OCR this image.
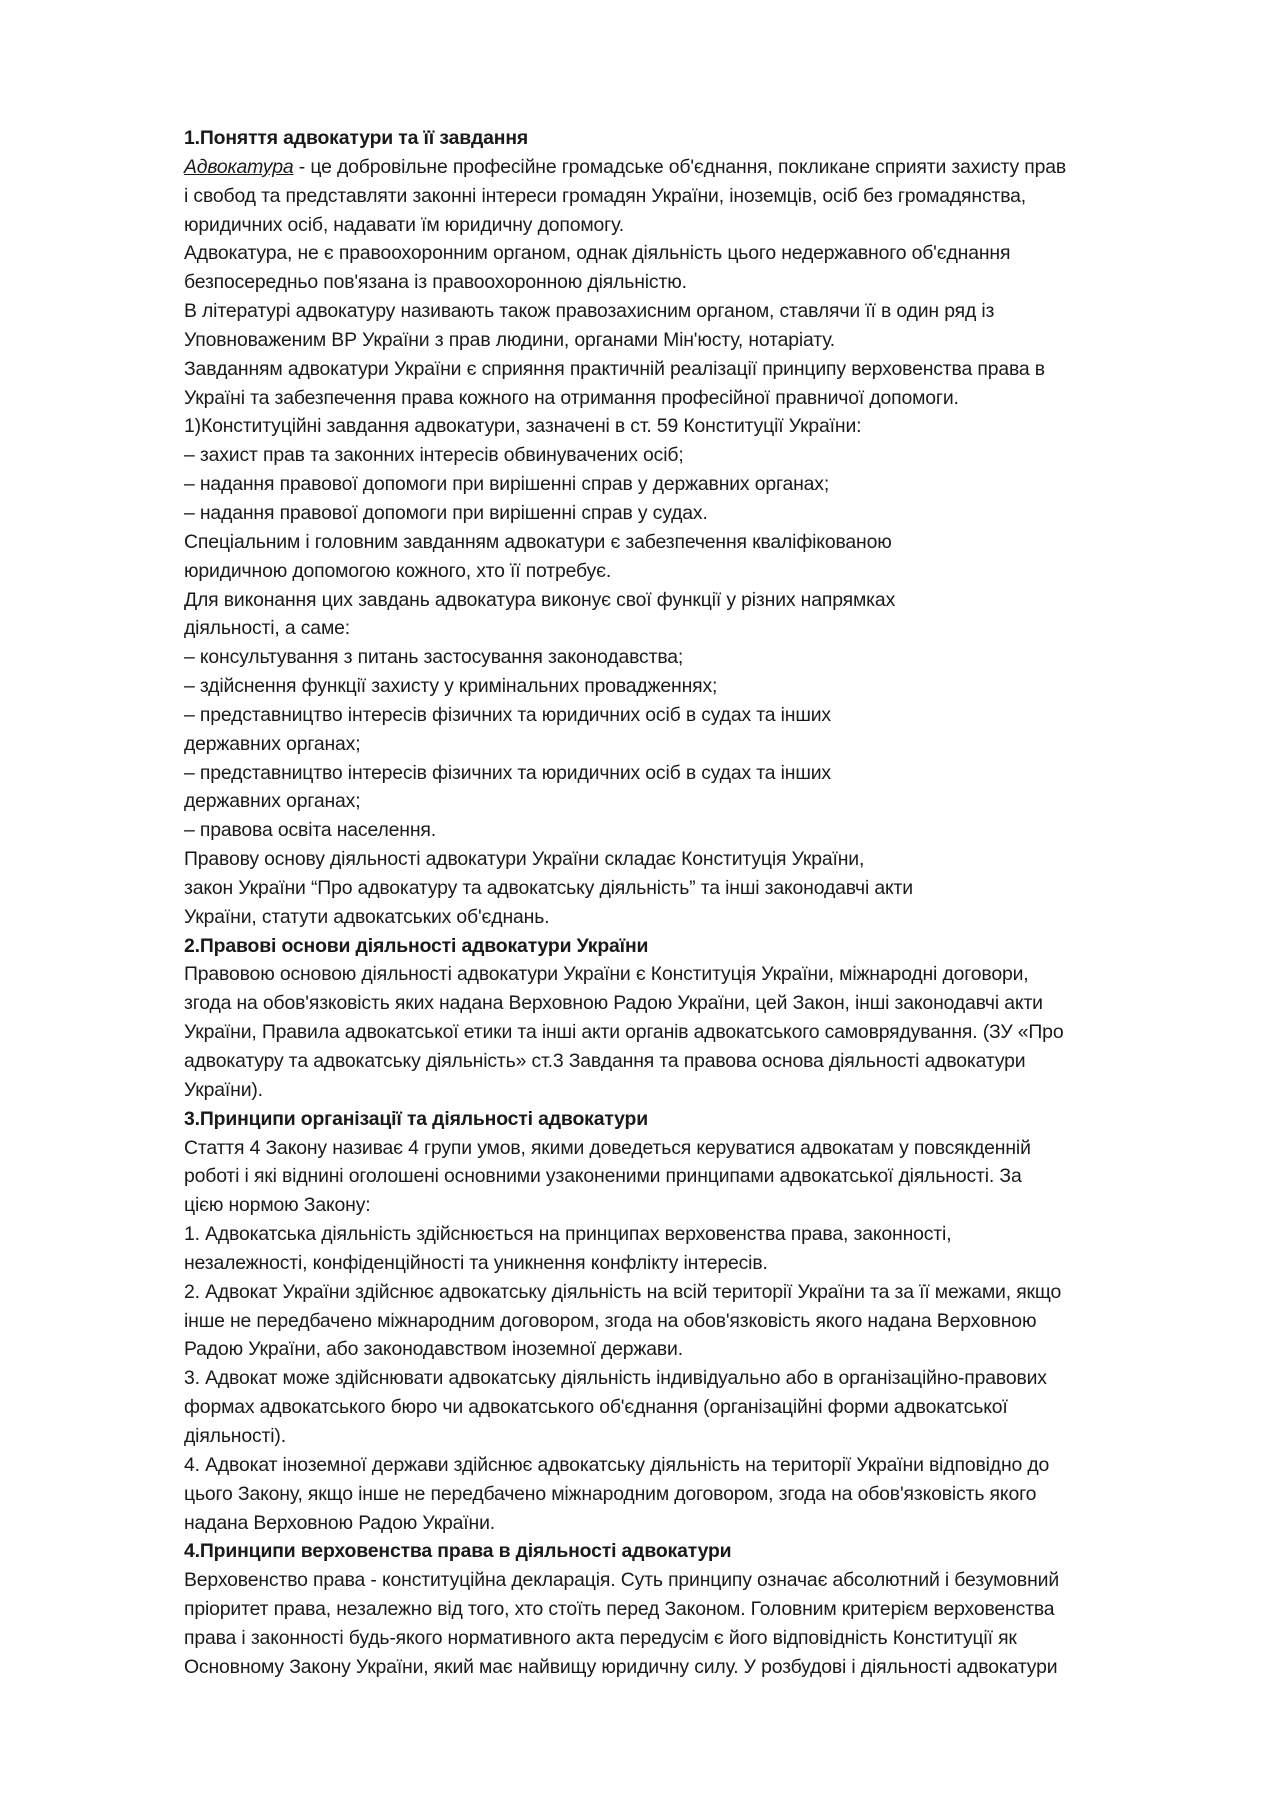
1.Поняття адвокатури та її завдання
Адвокатура - це добровільне професійне громадське об'єднання, покликане сприяти захисту прав
і свобод та представляти законні інтереси громадян України, іноземців, осіб без громадянства,
юридичних осіб, надавати їм юридичну допомогу.
Адвокатура, не є правоохоронним органом, однак діяльність цього недержавного об'єднання
безпосередньо пов'язана із правоохоронною діяльністю.
В літературі адвокатуру називають також правозахисним органом, ставлячи її в один ряд із
Уповноваженим ВР України з прав людини, органами Мін'юсту, нотаріату.
Завданням адвокатури України є сприяння практичній реалізації принципу верховенства права в
Україні та забезпечення права кожного на отримання професійної правничої допомоги.
1)Конституційні завдання адвокатури, зазначені в ст. 59 Конституції України:
– захист прав та законних інтересів обвинувачених осіб;
– надання правової допомоги при вирішенні справ у державних органах;
– надання правової допомоги при вирішенні справ у судах.
Спеціальним і головним завданням адвокатури є забезпечення кваліфікованою
юридичною допомогою кожного, хто її потребує.
Для виконання цих завдань адвокатура виконує свої функції у різних напрямках
діяльності, а саме:
– консультування з питань застосування законодавства;
– здійснення функції захисту у кримінальних провадженнях;
– представництво інтересів фізичних та юридичних осіб в судах та інших
державних органах;
– представництво інтересів фізичних та юридичних осіб в судах та інших
державних органах;
– правова освіта населення.
Правову основу діяльності адвокатури України складає Конституція України,
закон України “Про адвокатуру та адвокатську діяльність” та інші законодавчі акти
України, статути адвокатських об'єднань.
2.Правові основи діяльності адвокатури України
Правовою основою діяльності адвокатури України є Конституція України, міжнародні договори,
згода на обов'язковість яких надана Верховною Радою України, цей Закон, інші законодавчі акти
України, Правила адвокатської етики та інші акти органів адвокатського самоврядування. (ЗУ «Про
адвокатуру та адвокатську діяльність» ст.3 Завдання та правова основа діяльності адвокатури
України).
3.Принципи організації та діяльності адвокатури
Стаття 4 Закону називає 4 групи умов, якими доведеться керуватися адвокатам у повсякденній
роботі і які віднині оголошені основними узаконеними принципами адвокатської діяльності. За
цією нормою Закону:
1. Адвокатська діяльність здійснюється на принципах верховенства права, законності,
незалежності, конфіденційності та уникнення конфлікту інтересів.
2. Адвокат України здійснює адвокатську діяльність на всій території України та за її межами, якщо
інше не передбачено міжнародним договором, згода на обов'язковість якого надана Верховною
Радою України, або законодавством іноземної держави.
3. Адвокат може здійснювати адвокатську діяльність індивідуально або в організаційно-правових
формах адвокатського бюро чи адвокатського об'єднання (організаційні форми адвокатської
діяльності).
4. Адвокат іноземної держави здійснює адвокатську діяльність на території України відповідно до
цього Закону, якщо інше не передбачено міжнародним договором, згода на обов'язковість якого
надана Верховною Радою України.
4.Принципи верховенства права в діяльності адвокатури
Верховенство права - конституційна декларація. Суть принципу означає абсолютний і безумовний
пріоритет права, незалежно від того, хто стоїть перед Законом. Головним критерієм верховенства
права і законності будь-якого нормативного акта передусім є його відповідність Конституції як
Основному Закону України, який має найвищу юридичну силу. У розбудові і діяльності адвокатури
